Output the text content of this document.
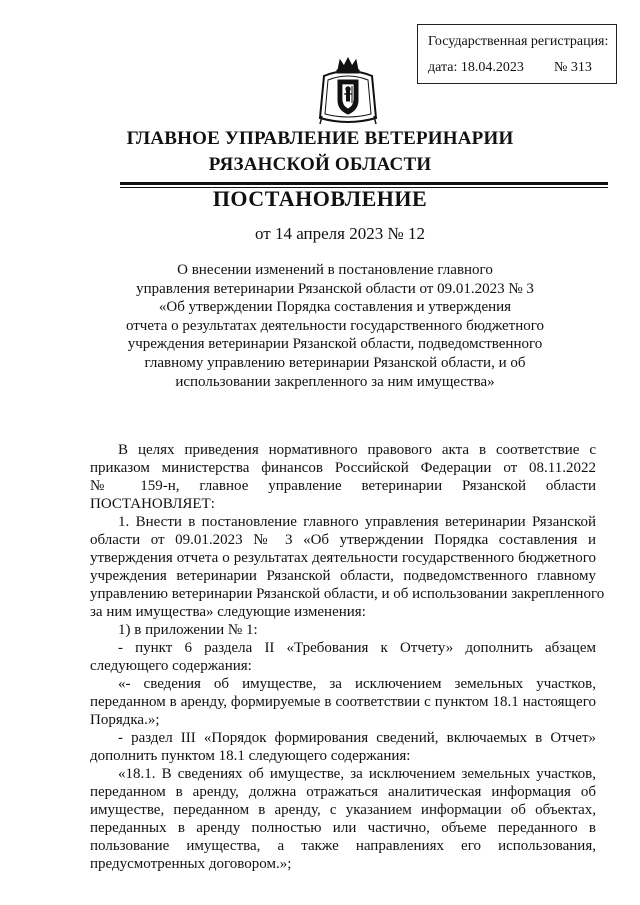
Государственная регистрация:
дата: 18.04.2023 № 313
ГЛАВНОЕ УПРАВЛЕНИЕ ВЕТЕРИНАРИИ
РЯЗАНСКОЙ ОБЛАСТИ
ПОСТАНОВЛЕНИЕ
от 14 апреля 2023 № 12
О внесении изменений в постановление главного
управления ветеринарии Рязанской области от 09.01.2023 № 3
«Об утверждении Порядка составления и утверждения
отчета о результатах деятельности государственного бюджетного
учреждения ветеринарии Рязанской области, подведомственного
главному управлению ветеринарии Рязанской области, и об
использовании закрепленного за ним имущества»
В целях приведения нормативного правового акта в соответствие с
приказом министерства финансов Российской Федерации от 08.11.2022
№ 159-н, главное управление ветеринарии Рязанской области
ПОСТАНОВЛЯЕТ:
1. Внести в постановление главного управления ветеринарии Рязанской
области от 09.01.2023 № 3 «Об утверждении Порядка составления и
утверждения отчета о результатах деятельности государственного бюджетного
учреждения ветеринарии Рязанской области, подведомственного главному
управлению ветеринарии Рязанской области, и об использовании закрепленного
за ним имущества» следующие изменения:
1) в приложении № 1:
- пункт 6 раздела II «Требования к Отчету» дополнить абзацем
следующего содержания:
«- сведения об имуществе, за исключением земельных участков,
переданном в аренду, формируемые в соответствии с пунктом 18.1 настоящего
Порядка.»;
- раздел III «Порядок формирования сведений, включаемых в Отчет»
дополнить пунктом 18.1 следующего содержания:
«18.1. В сведениях об имуществе, за исключением земельных участков,
переданном в аренду, должна отражаться аналитическая информация об
имуществе, переданном в аренду, с указанием информации об объектах,
переданных в аренду полностью или частично, объеме переданного в
пользование имущества, а также направлениях его использования,
предусмотренных договором.»;
